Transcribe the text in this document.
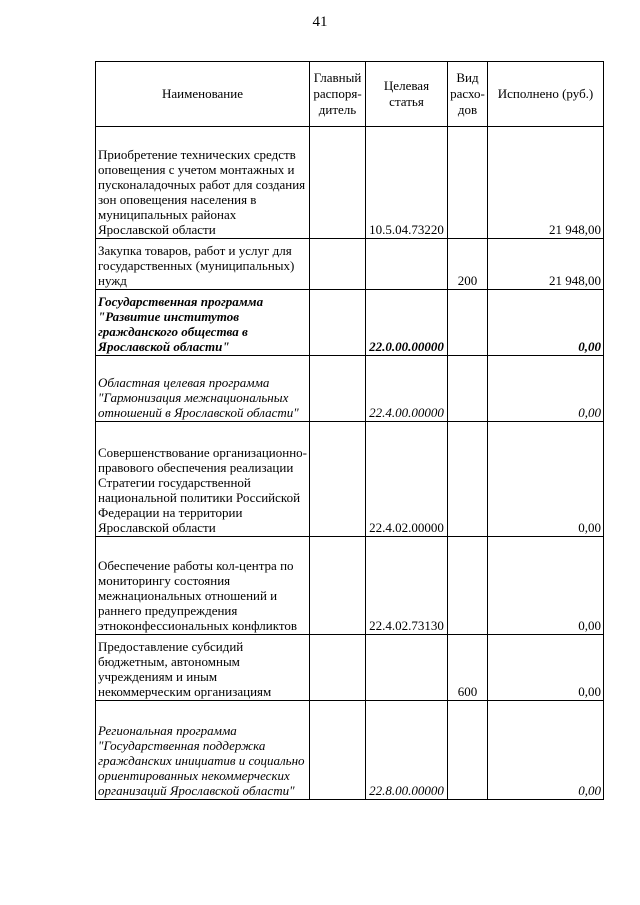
41
Наименование	Главный распоря-дитель	Целевая статья	Вид расхо-дов	Исполнено (руб.)
Приобретение технических средств оповещения с учетом монтажных и пусконаладочных работ для создания зон оповещения населения в муниципальных районах Ярославской области		10.5.04.73220		21 948,00
Закупка товаров, работ и услуг для государственных (муниципальных) нужд			200	21 948,00
Государственная программа "Развитие институтов гражданского общества в Ярославской области"		22.0.00.00000		0,00
Областная целевая программа "Гармонизация межнациональных отношений в Ярославской области"		22.4.00.00000		0,00
Совершенствование организационно-правового обеспечения реализации Стратегии государственной национальной политики Российской Федерации на территории Ярославской области		22.4.02.00000		0,00
Обеспечение работы кол-центра по мониторингу состояния межнациональных отношений и раннего предупреждения этноконфессиональных конфликтов		22.4.02.73130		0,00
Предоставление субсидий бюджетным, автономным учреждениям и иным некоммерческим организациям			600	0,00
Региональная программа "Государственная поддержка гражданских инициатив и социально ориентированных некоммерческих организаций Ярославской области"		22.8.00.00000		0,00
